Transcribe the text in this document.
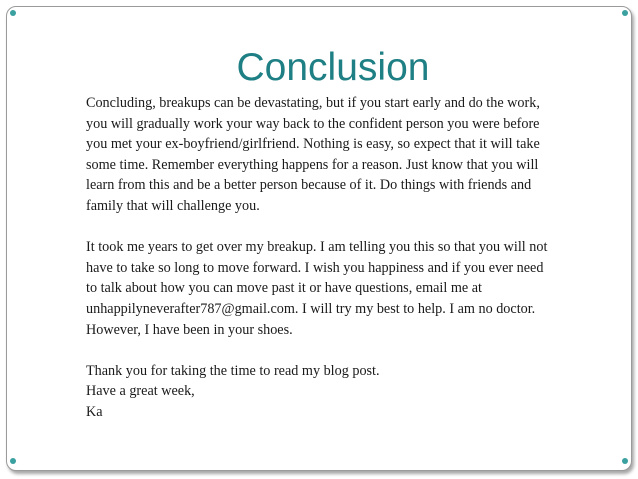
Conclusion

Concluding, breakups can be devastating, but if you start early and do the work,
you will gradually work your way back to the confident person you were before
you met your ex-boyfriend/girlfriend. Nothing is easy, so expect that it will take
some time. Remember everything happens for a reason. Just know that you will
learn from this and be a better person because of it. Do things with friends and
family that will challenge you.

It took me years to get over my breakup. I am telling you this so that you will not
have to take so long to move forward. I wish you happiness and if you ever need
to talk about how you can move past it or have questions, email me at
unhappilyneverafter787@gmail.com. I will try my best to help. I am no doctor.
However, I have been in your shoes.

Thank you for taking the time to read my blog post.
Have a great week,
Ka
